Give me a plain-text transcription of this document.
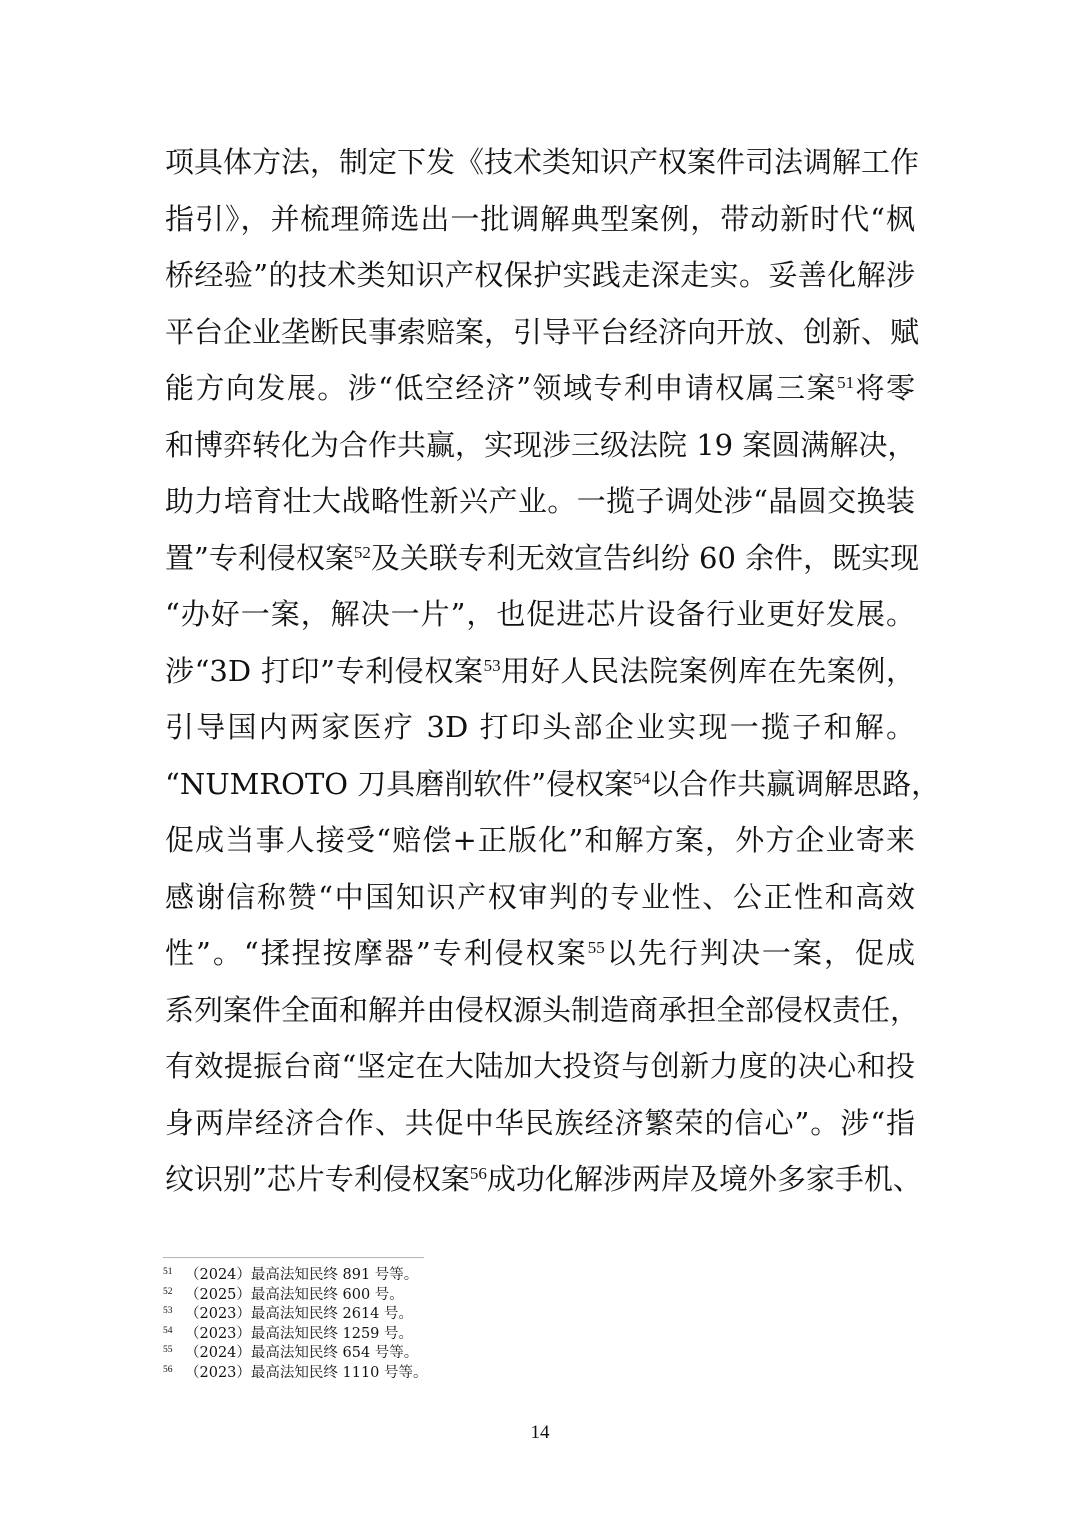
项具体方法，制定下发《技术类知识产权案件司法调解工作
指引》，并梳理筛选出一批调解典型案例，带动新时代“枫
桥经验”的技术类知识产权保护实践走深走实。妥善化解涉
平台企业垄断民事索赔案，引导平台经济向开放、创新、赋
能方向发展。涉“低空经济”领域专利申请权属三案$^{51}$将零
和博弈转化为合作共赢，实现涉三级法院 19 案圆满解决，
助力培育壮大战略性新兴产业。一揽子调处涉“晶圆交换装
置”专利侵权案$^{52}$及关联专利无效宣告纠纷 60 余件，既实现
“办好一案，解决一片”，也促进芯片设备行业更好发展。
涉“3D 打印”专利侵权案$^{53}$用好人民法院案例库在先案例，
引导国内两家医疗 3D 打印头部企业实现一揽子和解。
“NUMROTO 刀具磨削软件”侵权案$^{54}$以合作共赢调解思路，
促成当事人接受“赔偿+正版化”和解方案，外方企业寄来
感谢信称赞“中国知识产权审判的专业性、公正性和高效
性”。“揉捏按摩器”专利侵权案$^{55}$以先行判决一案，促成
系列案件全面和解并由侵权源头制造商承担全部侵权责任，
有效提振台商“坚定在大陆加大投资与创新力度的决心和投
身两岸经济合作、共促中华民族经济繁荣的信心”。涉“指
纹识别”芯片专利侵权案$^{56}$成功化解涉两岸及境外多家手机、
51 （2024）最高法知民终 891 号等。
52 （2025）最高法知民终 600 号。
53 （2023）最高法知民终 2614 号。
54 （2023）最高法知民终 1259 号。
55 （2024）最高法知民终 654 号等。
56 （2023）最高法知民终 1110 号等。
14
